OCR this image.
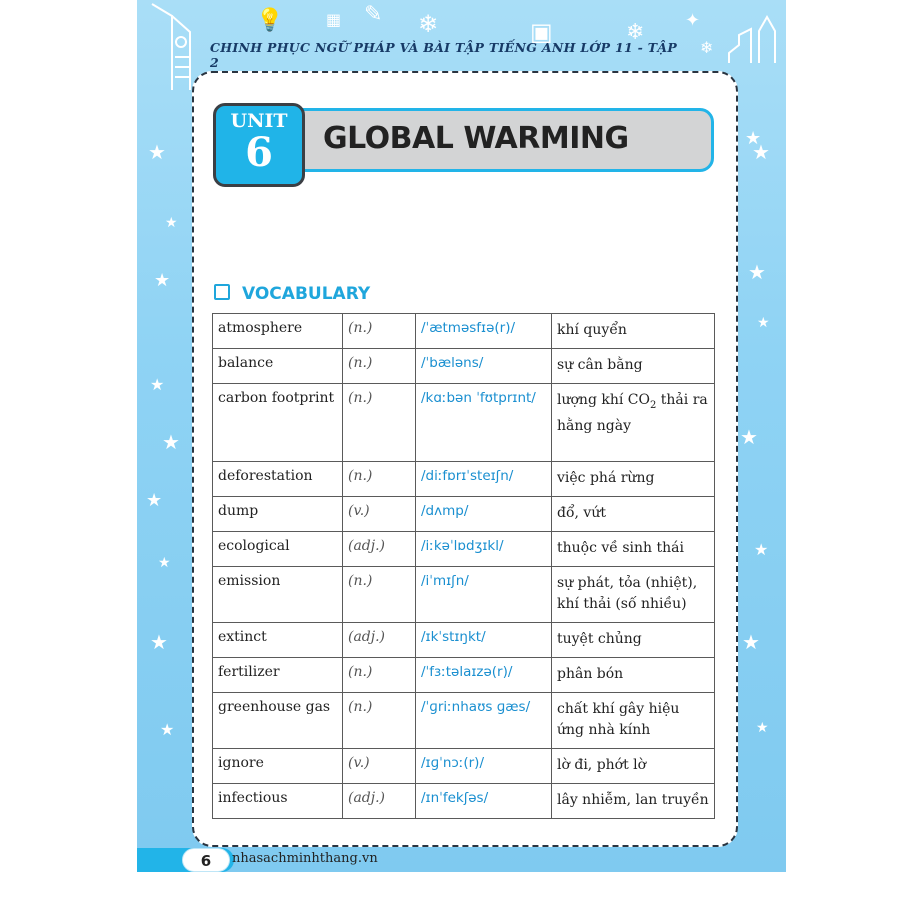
💡	▦ ✎ ❄	▣	❄ ✦
❄
★
★
★
★
★
★
★
★
★
★
★
★
★
★
★
★
★
CHINH PHỤC NGỮ PHÁP VÀ BÀI TẬP TIẾNG ANH LỚP 11 - TẬP 2
UNIT
6	GLOBAL WARMING
VOCABULARY
atmosphere	(n.)	/ˈætməsfɪə(r)/	khí quyển
balance	(n.)	/ˈbæləns/	sự cân bằng
carbon footprint	(n.)	/kɑːbən ˈfʊtprɪnt/	lượng khí $CO_2$ thải ra hằng ngày
deforestation	(n.)	/diːfɒrɪˈsteɪʃn/	việc phá rừng
dump	(v.)	/dʌmp/	đổ, vứt
ecological	(adj.)	/iːkəˈlɒdʒɪkl/	thuộc về sinh thái
emission	(n.)	/iˈmɪʃn/	sự phát, tỏa (nhiệt), khí thải (số nhiều)
extinct	(adj.)	/ɪkˈstɪŋkt/	tuyệt chủng
fertilizer	(n.)	/ˈfɜːtəlaɪzə(r)/	phân bón
greenhouse gas	(n.)	/ˈɡriːnhaʊs ɡæs/	chất khí gây hiệu ứng nhà kính
ignore	(v.)	/ɪɡˈnɔː(r)/	lờ đi, phớt lờ
infectious	(adj.)	/ɪnˈfekʃəs/	lây nhiễm, lan truyền
6	nhasachminhthang.vn
